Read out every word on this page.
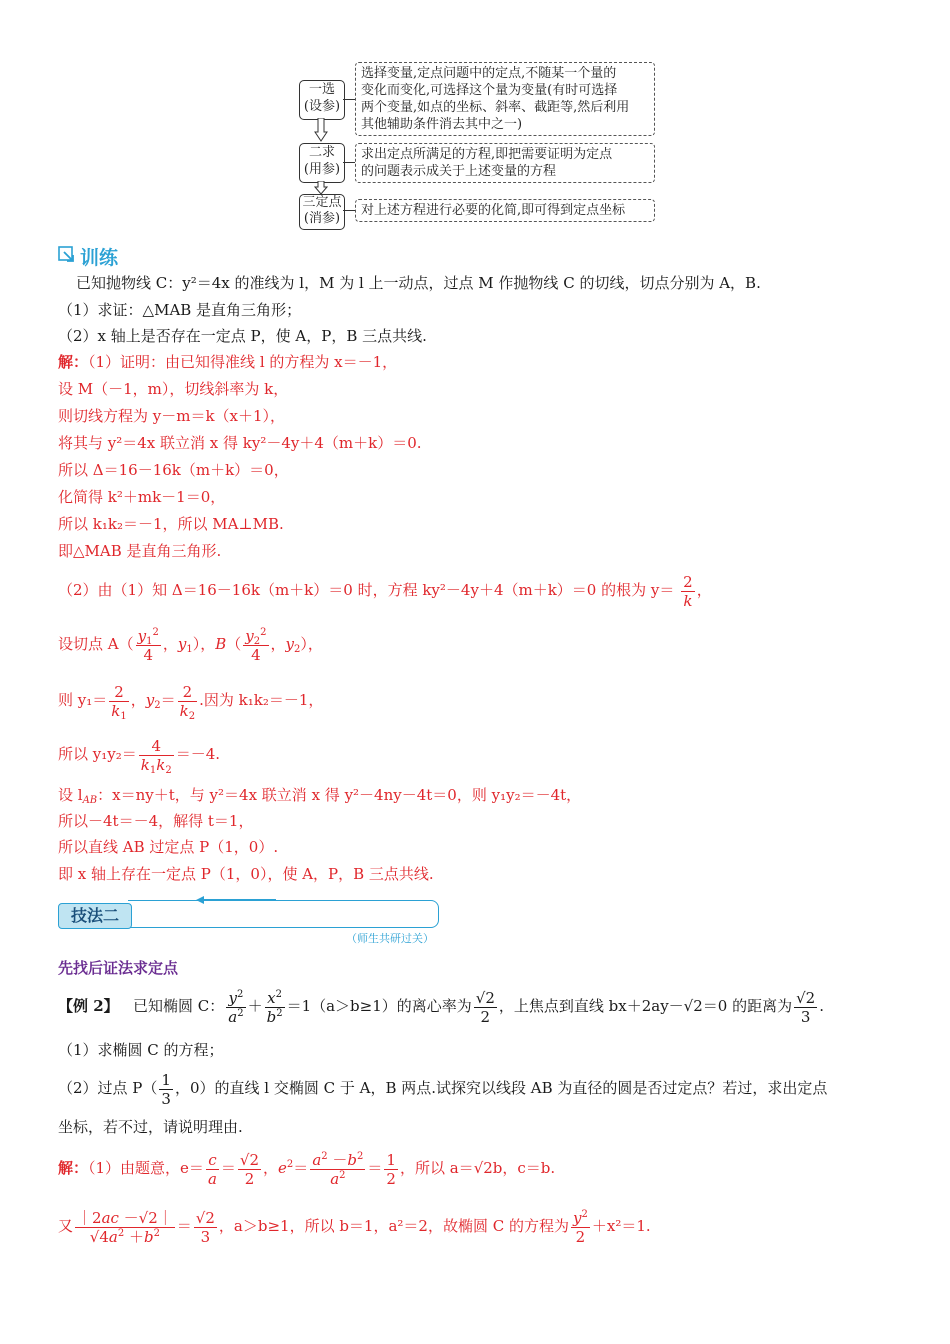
一选
(设参)
选择变量,定点问题中的定点,不随某一个量的
变化而变化,可选择这个量为变量(有时可选择
两个变量,如点的坐标、斜率、截距等,然后利用
其他辅助条件消去其中之一)
二求
(用参)
求出定点所满足的方程,即把需要证明为定点
的问题表示成关于上述变量的方程
三定点
(消参)
对上述方程进行必要的化简,即可得到定点坐标
训练
已知抛物线 C：y²＝4x 的准线为 l，M 为 l 上一动点，过点 M 作抛物线 C 的切线，切点分别为 A，B.
（1）求证：△MAB 是直角三角形；
（2）x 轴上是否存在一定点 P，使 A，P，B 三点共线.
解：（1）证明：由已知得准线 l 的方程为 x＝－1，
设 M（－1，m），切线斜率为 k，
则切线方程为 y－m＝k（x＋1），
将其与 y²＝4x 联立消 x 得 ky²－4y＋4（m＋k）＝0.
所以 Δ＝16－16k（m＋k）＝0，
化简得 k²＋mk－1＝0，
所以 k₁k₂＝－1，所以 MA⊥MB.
即△MAB 是直角三角形.
（2）由（1）知 Δ＝16－16k（m＋k）＝0 时，方程 ky²－4y＋4（m＋k）＝0 的根为 $y= \frac{2}{k}$ ，
设切点 $A( \frac{y_1^2}{4}$ ，$y_1$），$B( \frac{y_2^2}{4}$ ，$y_2$），
则 $y_1= \frac{2}{k_1}$ ，$y_2= \frac{2}{k_2}$ .因为 k₁k₂＝－1，
所以 $y_1y_2= \frac{4}{k_1k_2} =-4$.
设 $l_{AB}$：x＝ny＋t，与 y²＝4x 联立消 x 得 y²－4ny－4t＝0，则 y₁y₂＝－4t，
所以－4t＝－4，解得 t＝1，
所以直线 AB 过定点 P（1，0）.
即 x 轴上存在一定点 P（1，0），使 A，P，B 三点共线.
技法二
（师生共研过关）
先找后证法求定点
【例 2】 已知椭圆 C： $\frac{y^2}{a^2} + \frac{x^2}{b^2} =1(a>b\ge 1)$的离心率为 $\frac{√2}{2}$ ，上焦点到直线 bx＋2ay－√2＝0 的距离为 $\frac{√2}{3}$ .
（1）求椭圆 C 的方程；
（2）过点 $P( \frac{1}{3}$ ，0）的直线 l 交椭圆 C 于 A，B 两点.试探究以线段 AB 为直径的圆是否过定点？若过，求出定点
坐标，若不过，请说明理由.
解：（1）由题意，$e= \frac{c}{a} = \frac{√2}{2}$ ，$e^2= \frac{a^2 -b^2}{a^2} = \frac{1}{2}$ ，所以 a＝√2b，c＝b.
又 $\frac{|2ac -√2|}{√4a^2 +b^2} = \frac{√2}{3}$ ，a＞b≥1，所以 b＝1，a²＝2，故椭圆 C 的方程为 $\frac{y^2}{2} +x^2=1$.
